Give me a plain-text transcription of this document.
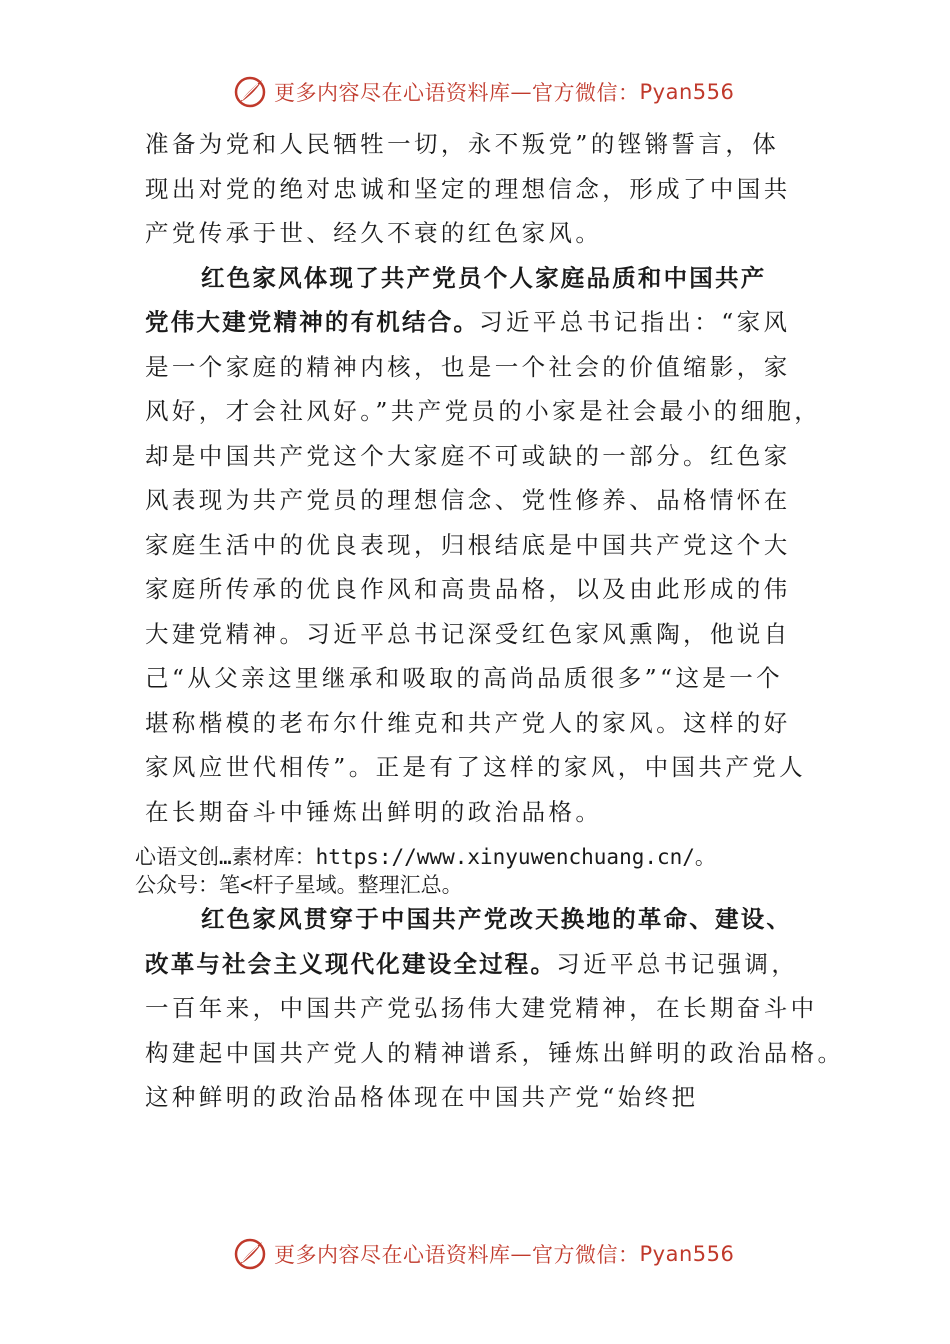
更多内容尽在心语资料库 — 官方微信： Pyan556
准备为党和人民牺牲一切，永不叛党”的铿锵誓言，体
现出对党的绝对忠诚和坚定的理想信念，形成了中国共
产党传承于世、经久不衰的红色家风。
红色家风体现了共产党员个人家庭品质和中国共产
党伟大建党精神的有机结合。习近平总书记指出：“家风
是一个家庭的精神内核，也是一个社会的价值缩影，家
风好，才会社风好。”共产党员的小家是社会最小的细胞，
却是中国共产党这个大家庭不可或缺的一部分。红色家
风表现为共产党员的理想信念、党性修养、品格情怀在
家庭生活中的优良表现，归根结底是中国共产党这个大
家庭所传承的优良作风和高贵品格，以及由此形成的伟
大建党精神。习近平总书记深受红色家风熏陶，他说自
己“从父亲这里继承和吸取的高尚品质很多”“这是一个
堪称楷模的老布尔什维克和共产党人的家风。这样的好
家风应世代相传”。正是有了这样的家风，中国共产党人
在长期奋斗中锤炼出鲜明的政治品格。
心语文创…素材库：https://www.xinyuwenchuang.cn/。
公众号：笔<杆子星域。整理汇总。
红色家风贯穿于中国共产党改天换地的革命、建设、
改革与社会主义现代化建设全过程。习近平总书记强调，
一百年来，中国共产党弘扬伟大建党精神，在长期奋斗中
构建起中国共产党人的精神谱系，锤炼出鲜明的政治品格。
这种鲜明的政治品格体现在中国共产党“始终把
更多内容尽在心语资料库 — 官方微信： Pyan556
